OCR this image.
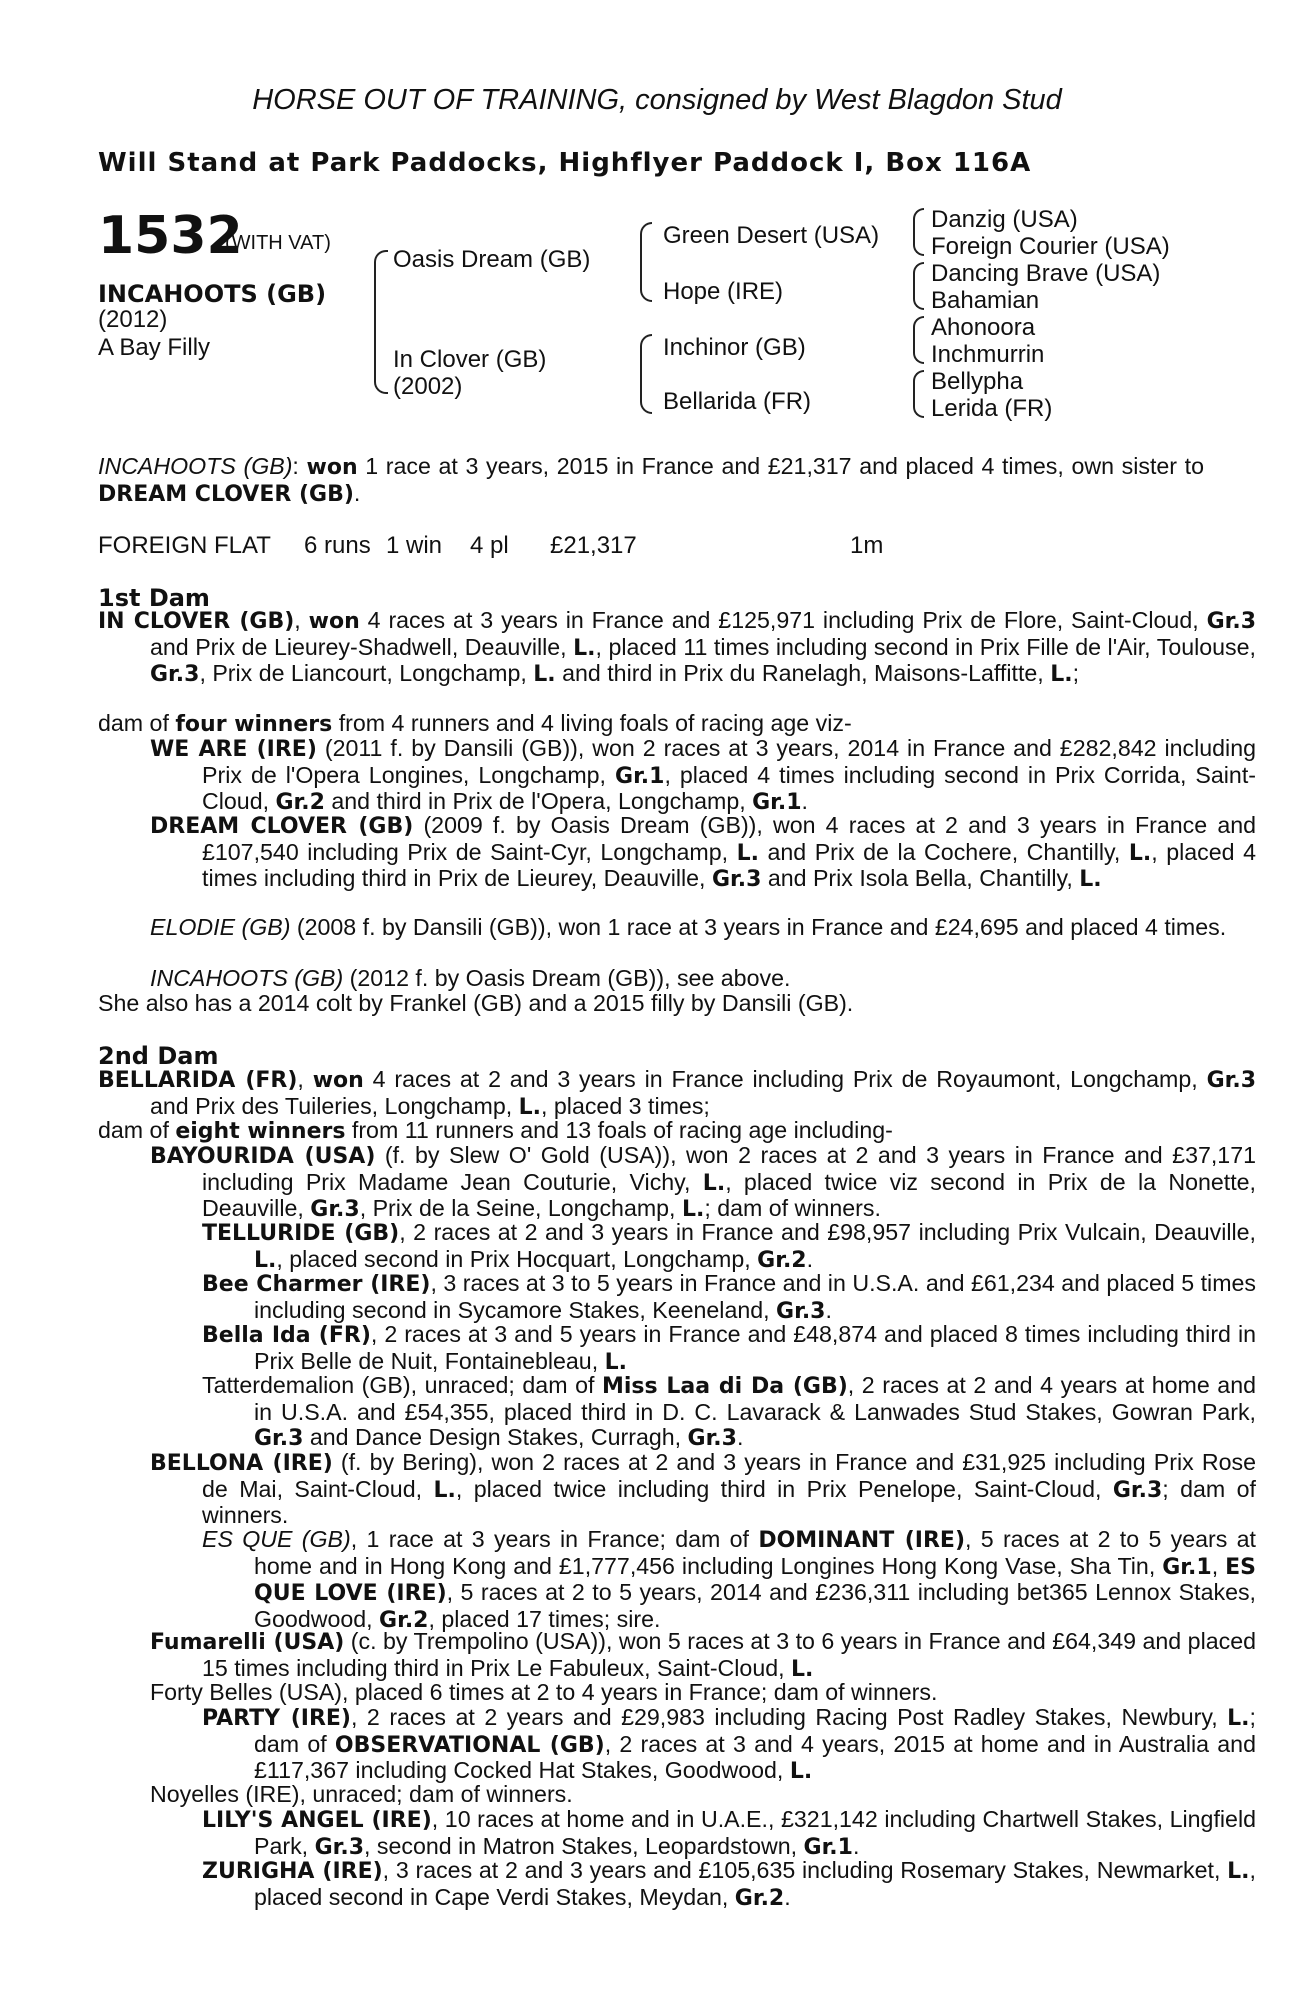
HORSE OUT OF TRAINING, consigned by West Blagdon Stud
Will Stand at Park Paddocks, Highflyer Paddock I, Box 116A
1532
(WITH VAT)
INCAHOOTS (GB)
(2012)
A Bay Filly
Oasis Dream (GB)
In Clover (GB)
(2002)
Green Desert (USA)
Hope (IRE)
Inchinor (GB)
Bellarida (FR)
Danzig (USA)
Foreign Courier (USA)
Dancing Brave (USA)
Bahamian
Ahonoora
Inchmurrin
Bellypha
Lerida (FR)
INCAHOOTS (GB): won 1 race at 3 years, 2015 in France and £21,317 and placed 4 times, own sister to DREAM CLOVER (GB).
FOREIGN FLAT 6 runs 1 win 4 pl £21,317	1m
1st Dam
IN CLOVER (GB), won 4 races at 3 years in France and £125,971 including Prix de Flore, Saint-Cloud, Gr.3 and Prix de Lieurey-Shadwell, Deauville, L., placed 11 times including second in Prix Fille de l'Air, Toulouse, Gr.3, Prix de Liancourt, Longchamp, L. and third in Prix du Ranelagh, Maisons-Laffitte, L.;
dam of four winners from 4 runners and 4 living foals of racing age viz-
WE ARE (IRE) (2011 f. by Dansili (GB)), won 2 races at 3 years, 2014 in France and £282,842 including Prix de l'Opera Longines, Longchamp, Gr.1, placed 4 times including second in Prix Corrida, Saint-Cloud, Gr.2 and third in Prix de l'Opera, Longchamp, Gr.1.
DREAM CLOVER (GB) (2009 f. by Oasis Dream (GB)), won 4 races at 2 and 3 years in France and £107,540 including Prix de Saint-Cyr, Longchamp, L. and Prix de la Cochere, Chantilly, L., placed 4 times including third in Prix de Lieurey, Deauville, Gr.3 and Prix Isola Bella, Chantilly, L.
ELODIE (GB) (2008 f. by Dansili (GB)), won 1 race at 3 years in France and £24,695 and placed 4 times.
INCAHOOTS (GB) (2012 f. by Oasis Dream (GB)), see above.
She also has a 2014 colt by Frankel (GB) and a 2015 filly by Dansili (GB).
2nd Dam
BELLARIDA (FR), won 4 races at 2 and 3 years in France including Prix de Royaumont, Longchamp, Gr.3 and Prix des Tuileries, Longchamp, L., placed 3 times;
dam of eight winners from 11 runners and 13 foals of racing age including-
BAYOURIDA (USA) (f. by Slew O' Gold (USA)), won 2 races at 2 and 3 years in France and £37,171 including Prix Madame Jean Couturie, Vichy, L., placed twice viz second in Prix de la Nonette, Deauville, Gr.3, Prix de la Seine, Longchamp, L.; dam of winners.
TELLURIDE (GB), 2 races at 2 and 3 years in France and £98,957 including Prix Vulcain, Deauville, L., placed second in Prix Hocquart, Longchamp, Gr.2.
Bee Charmer (IRE), 3 races at 3 to 5 years in France and in U.S.A. and £61,234 and placed 5 times including second in Sycamore Stakes, Keeneland, Gr.3.
Bella Ida (FR), 2 races at 3 and 5 years in France and £48,874 and placed 8 times including third in Prix Belle de Nuit, Fontainebleau, L.
Tatterdemalion (GB), unraced; dam of Miss Laa di Da (GB), 2 races at 2 and 4 years at home and in U.S.A. and £54,355, placed third in D. C. Lavarack & Lanwades Stud Stakes, Gowran Park, Gr.3 and Dance Design Stakes, Curragh, Gr.3.
BELLONA (IRE) (f. by Bering), won 2 races at 2 and 3 years in France and £31,925 including Prix Rose de Mai, Saint-Cloud, L., placed twice including third in Prix Penelope, Saint-Cloud, Gr.3; dam of winners.
ES QUE (GB), 1 race at 3 years in France; dam of DOMINANT (IRE), 5 races at 2 to 5 years at home and in Hong Kong and £1,777,456 including Longines Hong Kong Vase, Sha Tin, Gr.1, ES QUE LOVE (IRE), 5 races at 2 to 5 years, 2014 and £236,311 including bet365 Lennox Stakes, Goodwood, Gr.2, placed 17 times; sire.
Fumarelli (USA) (c. by Trempolino (USA)), won 5 races at 3 to 6 years in France and £64,349 and placed 15 times including third in Prix Le Fabuleux, Saint-Cloud, L.
Forty Belles (USA), placed 6 times at 2 to 4 years in France; dam of winners.
PARTY (IRE), 2 races at 2 years and £29,983 including Racing Post Radley Stakes, Newbury, L.; dam of OBSERVATIONAL (GB), 2 races at 3 and 4 years, 2015 at home and in Australia and £117,367 including Cocked Hat Stakes, Goodwood, L.
Noyelles (IRE), unraced; dam of winners.
LILY'S ANGEL (IRE), 10 races at home and in U.A.E., £321,142 including Chartwell Stakes, Lingfield Park, Gr.3, second in Matron Stakes, Leopardstown, Gr.1.
ZURIGHA (IRE), 3 races at 2 and 3 years and £105,635 including Rosemary Stakes, Newmarket, L., placed second in Cape Verdi Stakes, Meydan, Gr.2.
